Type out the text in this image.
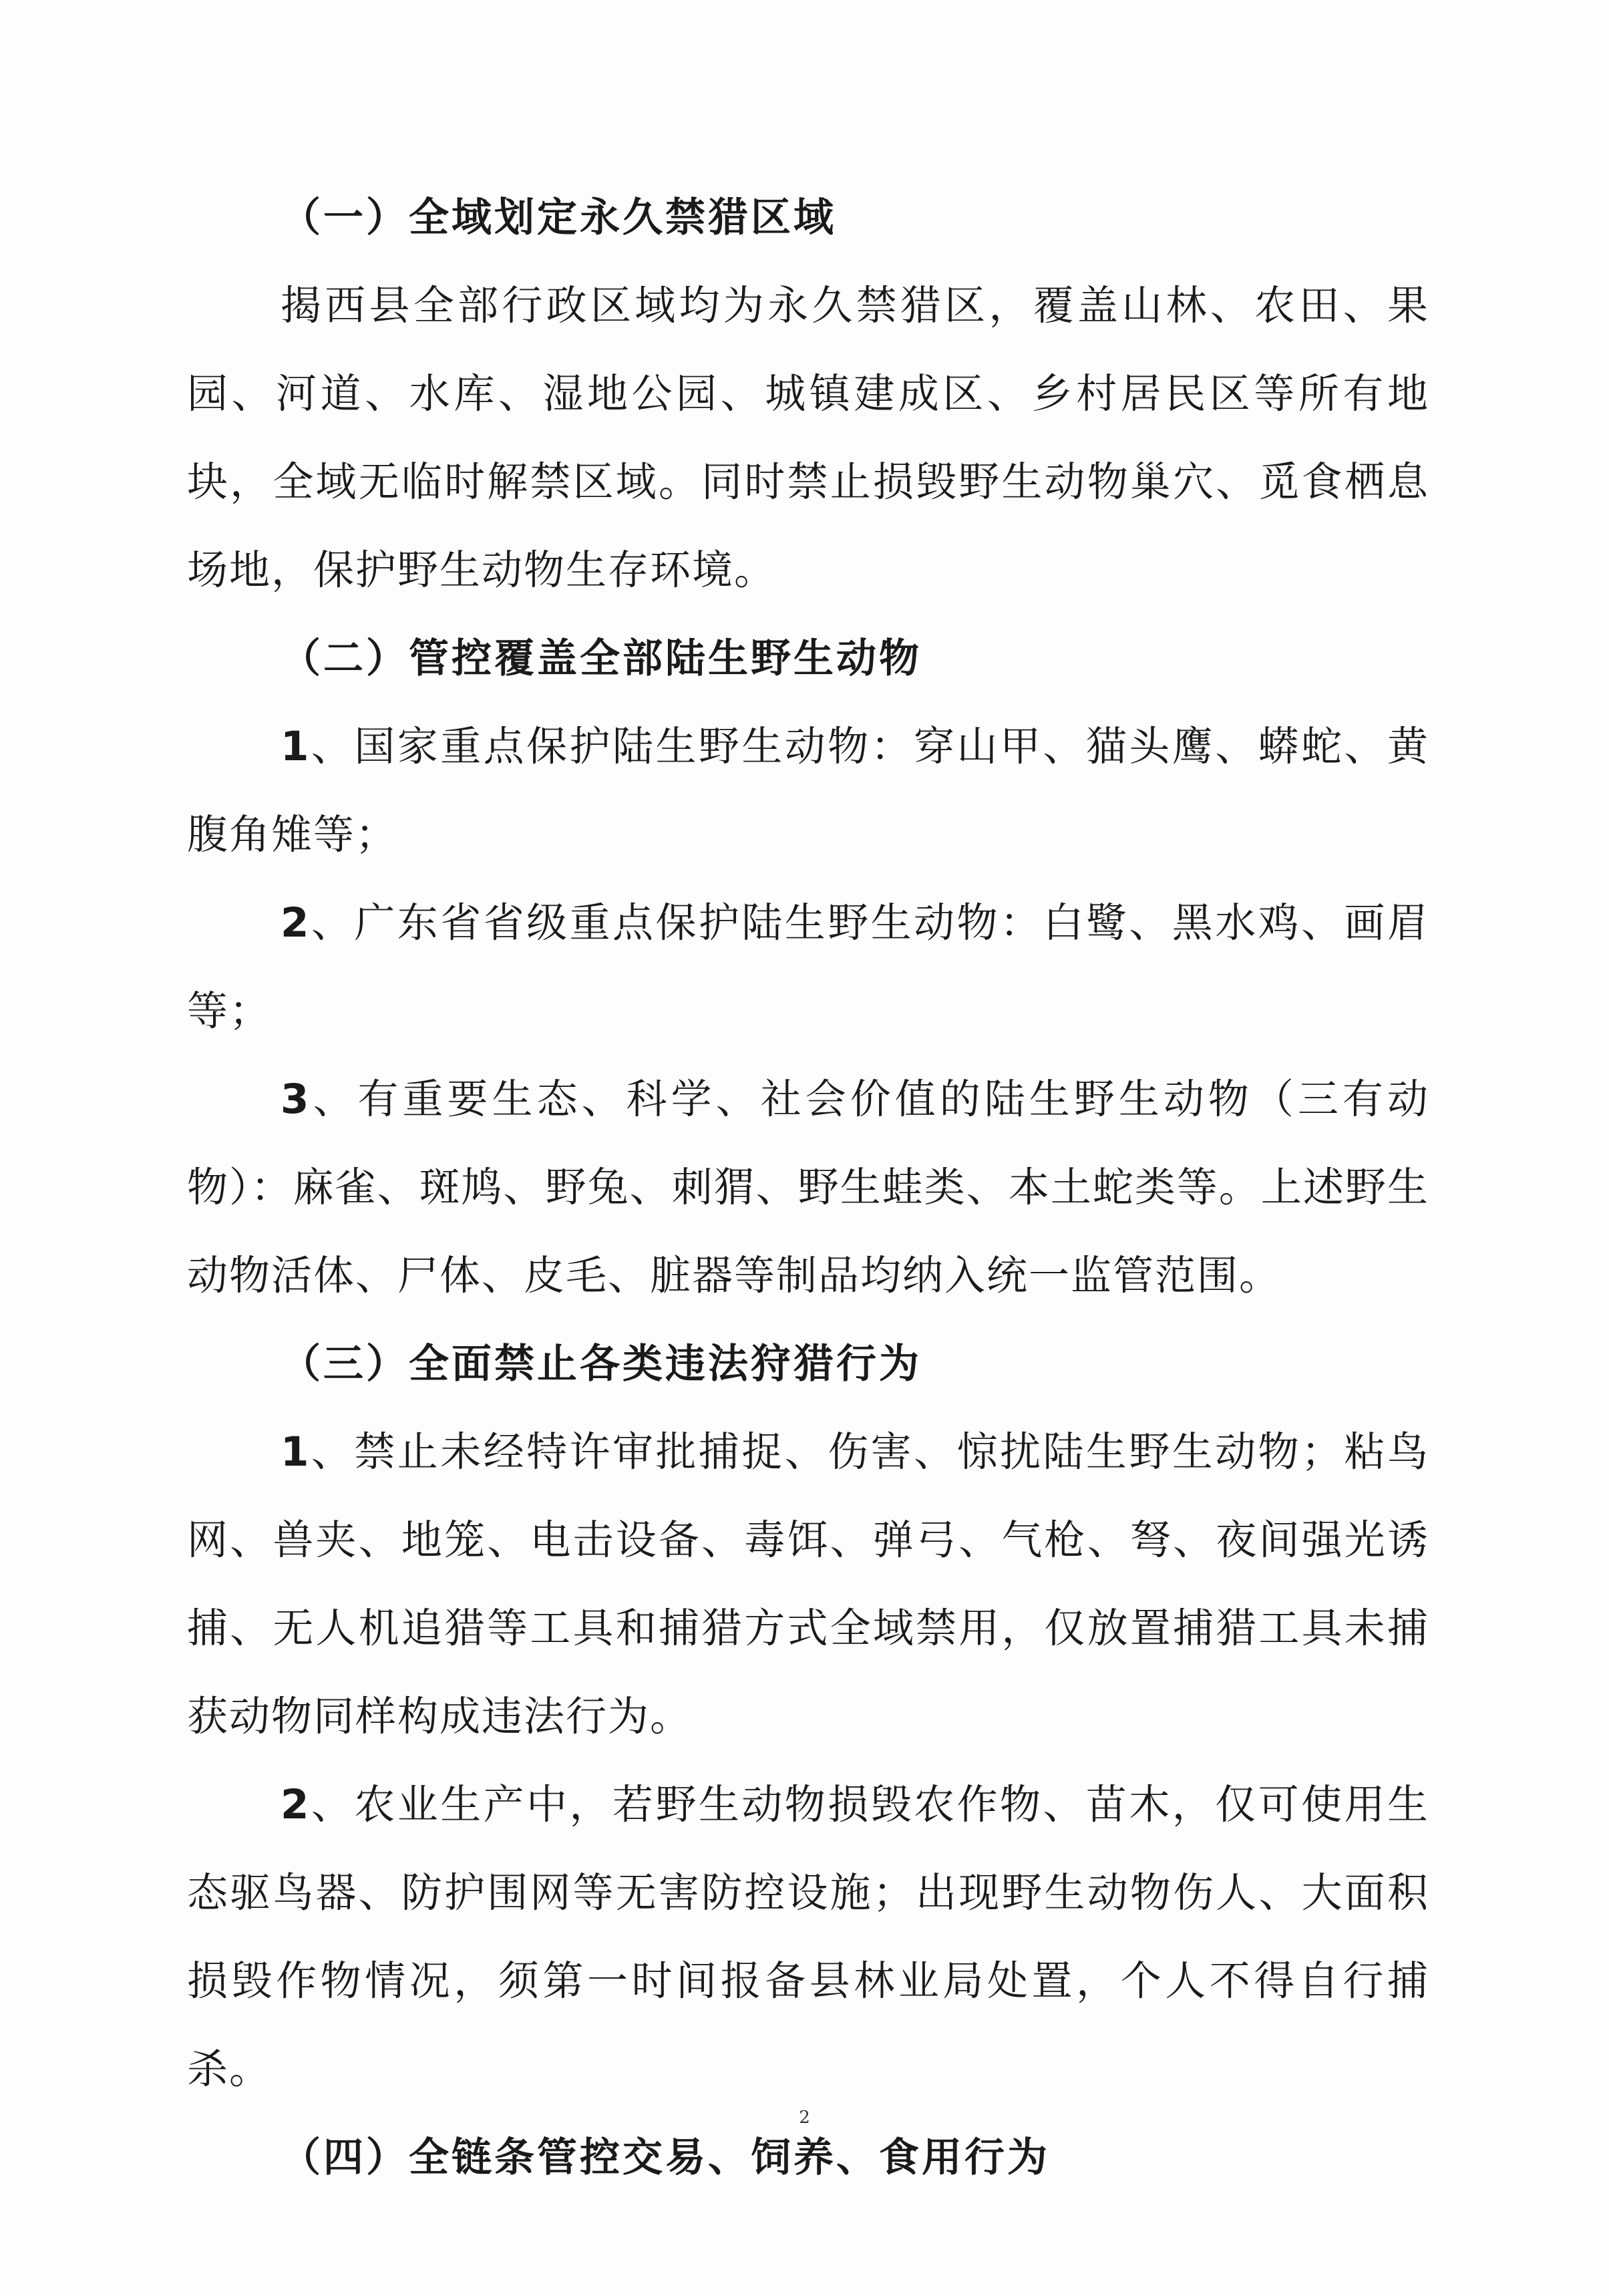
（一）全域划定永久禁猎区域
揭西县全部行政区域均为永久禁猎区，覆盖山林、农田、果园、河道、水库、湿地公园、城镇建成区、乡村居民区等所有地块，全域无临时解禁区域。同时禁止损毁野生动物巢穴、觅食栖息场地，保护野生动物生存环境。
（二）管控覆盖全部陆生野生动物
1、国家重点保护陆生野生动物：穿山甲、猫头鹰、蟒蛇、黄腹角雉等；
2、广东省省级重点保护陆生野生动物：白鹭、黑水鸡、画眉等；
3、有重要生态、科学、社会价值的陆生野生动物（三有动物）：麻雀、斑鸠、野兔、刺猬、野生蛙类、本土蛇类等。上述野生动物活体、尸体、皮毛、脏器等制品均纳入统一监管范围。
（三）全面禁止各类违法狩猎行为
1、禁止未经特许审批捕捉、伤害、惊扰陆生野生动物；粘鸟网、兽夹、地笼、电击设备、毒饵、弹弓、气枪、弩、夜间强光诱捕、无人机追猎等工具和捕猎方式全域禁用，仅放置捕猎工具未捕获动物同样构成违法行为。
2、农业生产中，若野生动物损毁农作物、苗木，仅可使用生态驱鸟器、防护围网等无害防控设施；出现野生动物伤人、大面积损毁作物情况，须第一时间报备县林业局处置，个人不得自行捕杀。
（四）全链条管控交易、饲养、食用行为
2
